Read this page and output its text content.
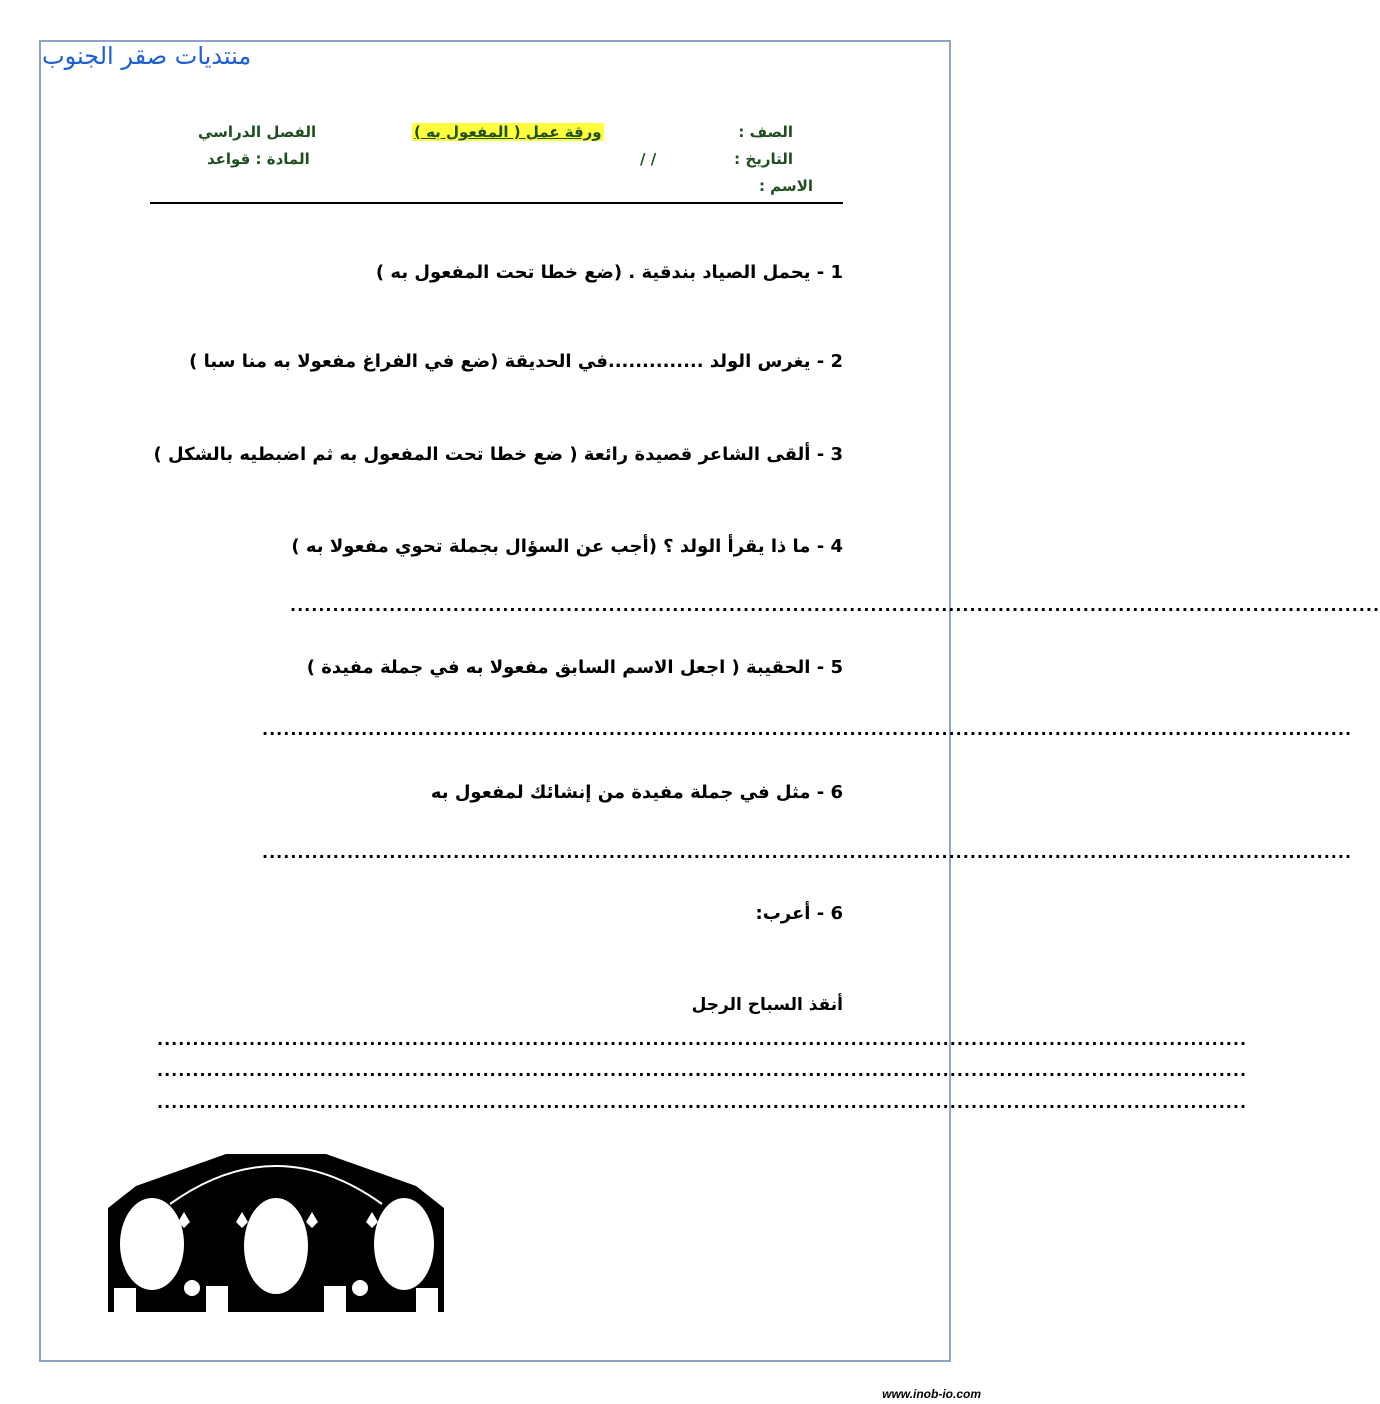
منتديات صقر الجنوب
الصف :
التاريخ :
/ /
الاسم :
ورقة عمل ( المفعول به )
الفصل الدراسي
المادة : قواعد
1 - يحمل الصياد بندقية . (ضع خطا تحت المفعول به )
2 - يغرس الولد ..............في الحديقة (ضع في الفراغ مفعولا به منا سبا )
3 - ألقى الشاعر قصيدة رائعة ( ضع خطا تحت المفعول به ثم اضبطيه بالشكل )
4 - ما ذا يقرأ الولد ؟ (أجب عن السؤال بجملة تحوي مفعولا به )
..........................................................................................................................................................
5 - الحقيبة ( اجعل الاسم السابق مفعولا به في جملة مفيدة )
..........................................................................................................................................................
6 - مثل في جملة مفيدة من إنشائك لمفعول به
..........................................................................................................................................................
6 - أعرب:
أنقذ السباح الرجل
..........................................................................................................................................................
..........................................................................................................................................................
..........................................................................................................................................................
www.inob-io.com
